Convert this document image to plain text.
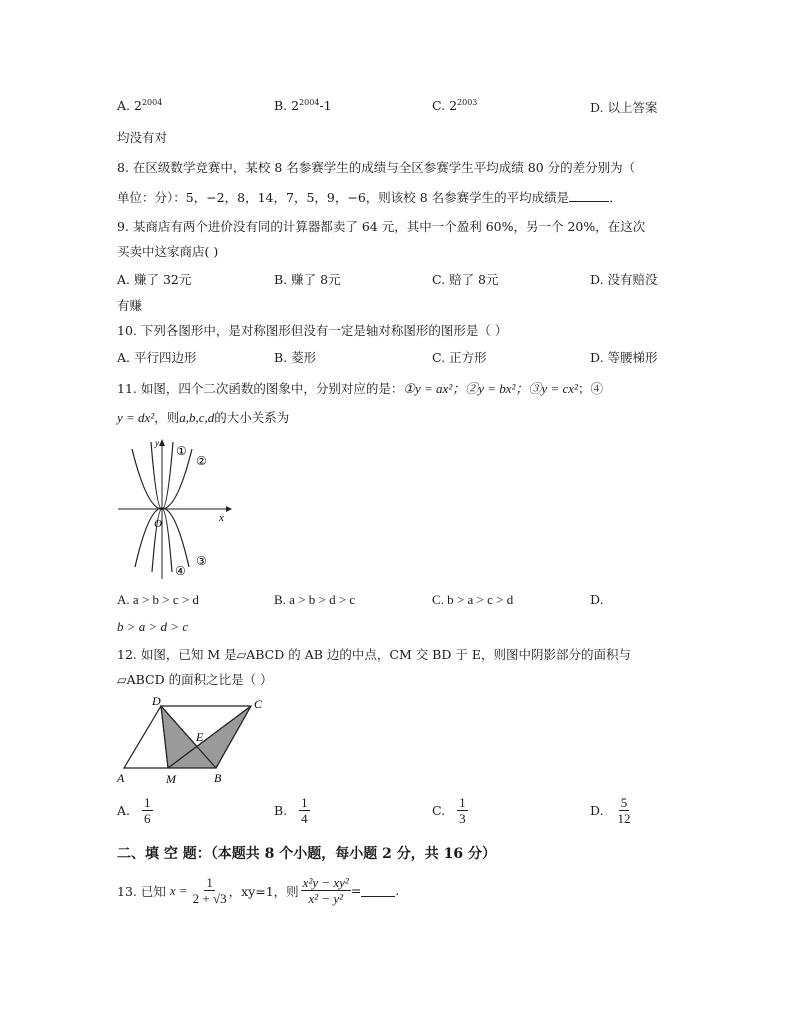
A. $2^{2004}$	B. $2^{2004}-1$	C. $2^{2003}$	D. 以上答案
均没有对
8. 在区级数学竞赛中，某校 8 名参赛学生的成绩与全区参赛学生平均成绩 80 分的差分别为（
单位：分）：5，−2，8，14，7，5，9，−6，则该校 8 名参赛学生的平均成绩是	．
9. 某商店有两个进价没有同的计算器都卖了 64 元，其中一个盈利 60%，另一个 20%，在这次
买卖中这家商店( )
A. 赚了 32元	B. 赚了 8元	C. 赔了 8元	D. 没有赔没
有赚
10. 下列各图形中，是对称图形但没有一定是轴对称图形的图形是（ ）
A. 平行四边形	B. 菱形	C. 正方形	D. 等腰梯形
11. 如图，四个二次函数的图象中，分别对应的是：①y = ax²；②y = bx²；③y = cx²；④
y = dx²，则a,b,c,d的大小关系为
y
x
O
①
②
③
④
A. a > b > c > d	B. a > b > d > c	C. b > a > c > d	D.
b > a > d > c
12. 如图，已知 M 是▱ABCD 的 AB 边的中点，CM 交 BD 于 E，则图中阴影部分的面积与
▱ABCD 的面积之比是（ ）
D	C
E
A	M	B
A. $\frac{1}{6}$	B. $\frac{1}{4}$	C. $\frac{1}{3}$	D. $\frac{5}{12}$
二、填 空 题：（本题共 8 个小题，每小题 2 分，共 16 分）
13. 已知 $x = \frac{1}{2 + √3}$ ，xy=1，则 $\frac{\text{x²y − xy²}}{\text{x² − y²}}$ =	.
